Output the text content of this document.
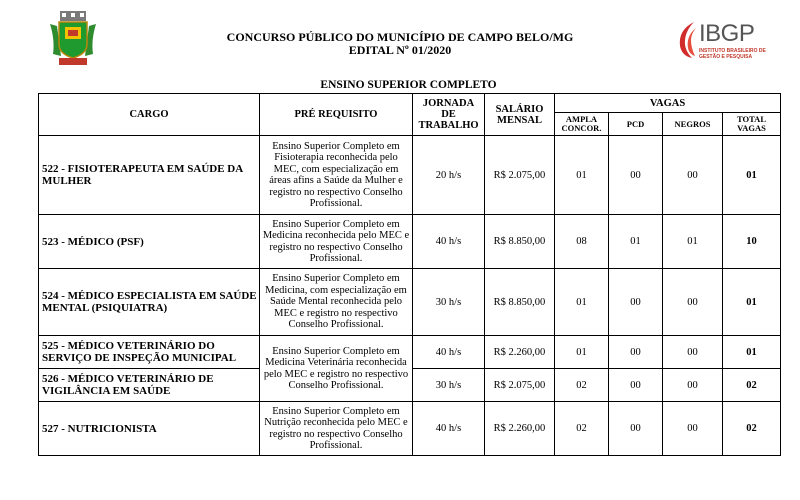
IBGP
INSTITUTO BRASILEIRO DE GESTÃO E PESQUISA
CONCURSO PÚBLICO DO MUNICÍPIO DE CAMPO BELO/MG
EDITAL Nº 01/2020
ENSINO SUPERIOR COMPLETO
CARGO	PRÉ REQUISITO	JORNADA DE TRABALHO	SALÁRIO MENSAL	VAGAS			
				AMPLA CONCOR.	PCD	NEGROS	TOTAL VAGAS
522 - FISIOTERAPEUTA EM SAÚDE DA MULHER	Ensino Superior Completo em Fisioterapia reconhecida pelo MEC, com especialização em áreas afins a Saúde da Mulher e registro no respectivo Conselho Profissional.	20 h/s	R$ 2.075,00	01	00	00	01
523 - MÉDICO (PSF)	Ensino Superior Completo em Medicina reconhecida pelo MEC e registro no respectivo Conselho Profissional.	40 h/s	R$ 8.850,00	08	01	01	10
524 - MÉDICO ESPECIALISTA EM SAÚDE MENTAL (PSIQUIATRA)	Ensino Superior Completo em Medicina, com especialização em Saúde Mental reconhecida pelo MEC e registro no respectivo Conselho Profissional.	30 h/s	R$ 8.850,00	01	00	00	01
525 - MÉDICO VETERINÁRIO DO SERVIÇO DE INSPEÇÃO MUNICIPAL	Ensino Superior Completo em Medicina Veterinária reconhecida pelo MEC e registro no respectivo Conselho Profissional.	40 h/s	R$ 2.260,00	01	00	00	01
526 - MÉDICO VETERINÁRIO DE VIGILÂNCIA EM SAÚDE		30 h/s	R$ 2.075,00	02	00	00	02
527 - NUTRICIONISTA	Ensino Superior Completo em Nutrição reconhecida pelo MEC e registro no respectivo Conselho Profissional.	40 h/s	R$ 2.260,00	02	00	00	02
